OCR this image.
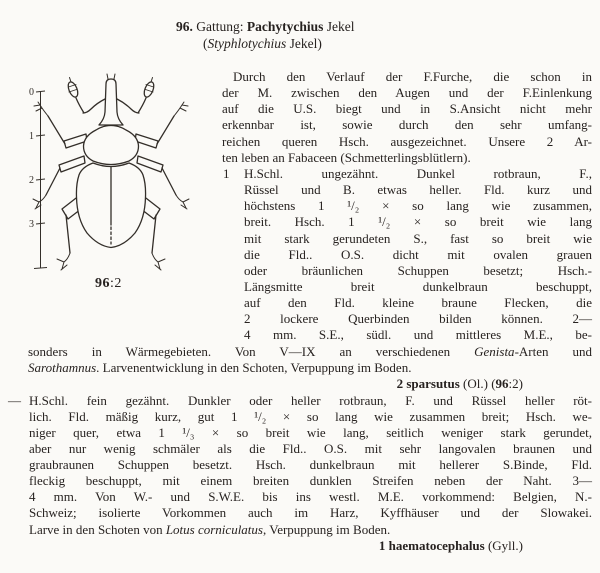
96. Gattung: Pachytychius Jekel
(Styphlotychius Jekel)
0
1
2
3
96:2
Durch den Verlauf der F.Furche, die schon in
der M. zwischen den Augen und der F.Einlenkung
auf die U.S. biegt und in S.Ansicht nicht mehr
erkennbar ist, sowie durch den sehr umfang-
reichen queren Hsch. ausgezeichnet. Unsere 2 Ar-
ten leben an Fabaceen (Schmetterlingsblütlern).
1 H.Schl. ungezähnt. Dunkel rotbraun, F.,
Rüssel und B. etwas heller. Fld. kurz und
höchstens 1 ¹/₂ × so lang wie zusammen,
breit. Hsch. 1 ¹/₂ × so breit wie lang
mit stark gerundeten S., fast so breit wie
die Fld.. O.S. dicht mit ovalen grauen
oder bräunlichen Schuppen besetzt; Hsch.-
Längsmitte breit dunkelbraun beschuppt,
auf den Fld. kleine braune Flecken, die
2 lockere Querbinden bilden können. 2—
4 mm. S.E., südl. und mittleres M.E., be-
sonders in Wärmegebieten. Von V—IX an verschiedenen Genista-Arten und
Sarothamnus. Larvenentwicklung in den Schoten, Verpuppung im Boden.
2 sparsutus (Ol.) (96:2)
— H.Schl. fein gezähnt. Dunkler oder heller rotbraun, F. und Rüssel heller röt-
lich. Fld. mäßig kurz, gut 1 ¹/₂ × so lang wie zusammen breit; Hsch. we-
niger quer, etwa 1 ¹/₃ × so breit wie lang, seitlich weniger stark gerundet,
aber nur wenig schmäler als die Fld.. O.S. mit sehr langovalen braunen und
graubraunen Schuppen besetzt. Hsch. dunkelbraun mit hellerer S.Binde, Fld.
fleckig beschuppt, mit einem breiten dunklen Streifen neben der Naht. 3—
4 mm. Von W.- und S.W.E. bis ins westl. M.E. vorkommend: Belgien, N.-
Schweiz; isolierte Vorkommen auch im Harz, Kyffhäuser und der Slowakei.
Larve in den Schoten von Lotus corniculatus, Verpuppung im Boden.
1 haematocephalus (Gyll.)
